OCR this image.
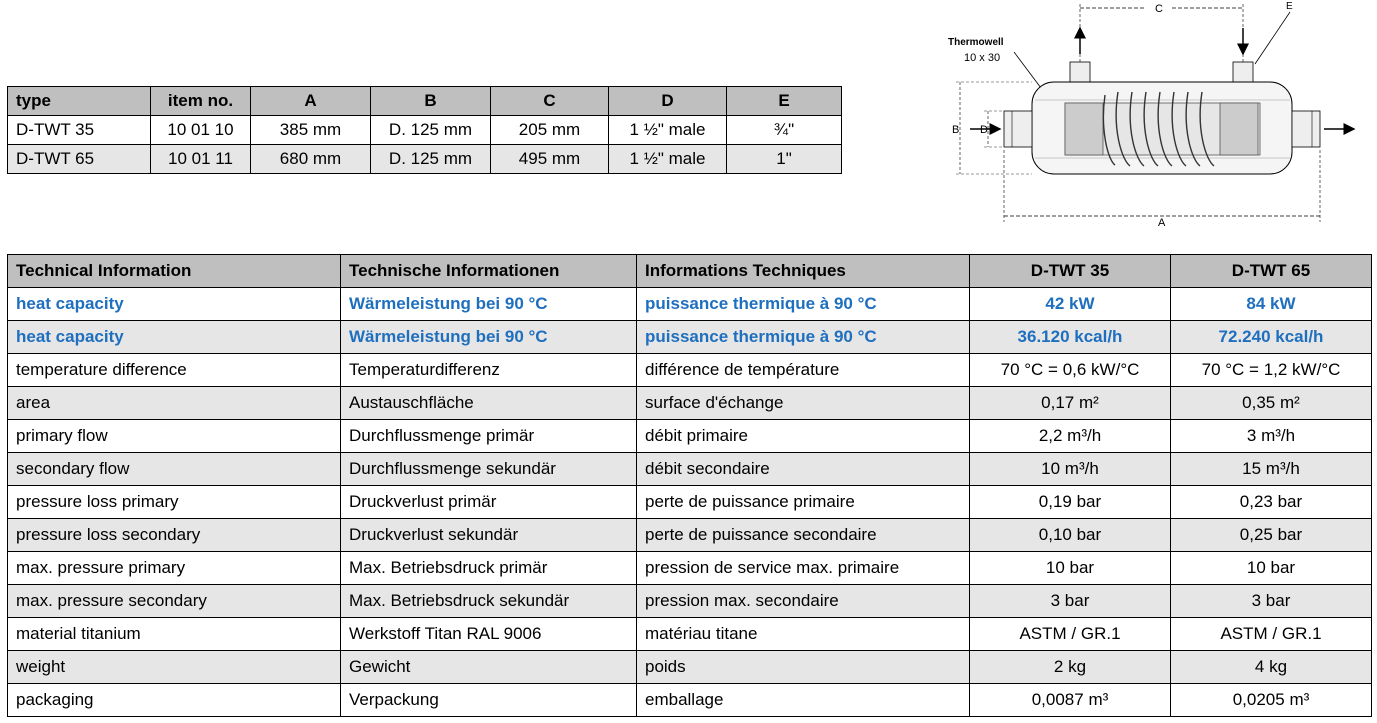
type	item no.	A	B	C	D	E
D-TWT 35	10 01 10	385 mm	D. 125 mm	205 mm	1 ½" male	¾"
D-TWT 65	10 01 11	680 mm	D. 125 mm	495 mm	1 ½" male	1"
Thermowell
10 x 30
C	E
B D
A
Technical Information	Technische Informationen	Informations Techniques	D-TWT 35	D-TWT 65
heat capacity	Wärmeleistung bei 90 °C	puissance thermique à 90 °C	42 kW	84 kW
heat capacity	Wärmeleistung bei 90 °C	puissance thermique à 90 °C	36.120 kcal/h	72.240 kcal/h
temperature difference	Temperaturdifferenz	différence de température	70 °C = 0,6 kW/°C	70 °C = 1,2 kW/°C
area	Austauschfläche	surface d'échange	0,17 m²	0,35 m²
primary flow	Durchflussmenge primär	débit primaire	2,2 m³/h	3 m³/h
secondary flow	Durchflussmenge sekundär	débit secondaire	10 m³/h	15 m³/h
pressure loss primary	Druckverlust primär	perte de puissance primaire	0,19 bar	0,23 bar
pressure loss secondary	Druckverlust sekundär	perte de puissance secondaire	0,10 bar	0,25 bar
max. pressure primary	Max. Betriebsdruck primär	pression de service max. primaire	10 bar	10 bar
max. pressure secondary	Max. Betriebsdruck sekundär	pression max. secondaire	3 bar	3 bar
material titanium	Werkstoff Titan RAL 9006	matériau titane	ASTM / GR.1	ASTM / GR.1
weight	Gewicht	poids	2 kg	4 kg
packaging	Verpackung	emballage	0,0087 m³	0,0205 m³
